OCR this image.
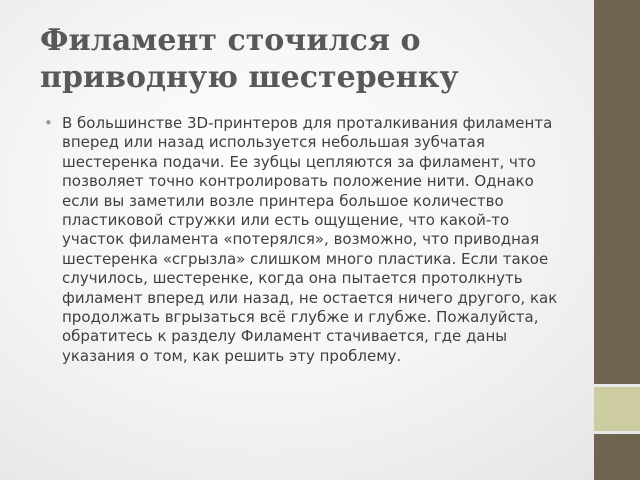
Филамент сточился о приводную шестеренку
• В большинстве 3D-принтеров для проталкивания филамента вперед или назад используется небольшая зубчатая шестеренка подачи. Ее зубцы цепляются за филамент, что позволяет точно контролировать положение нити. Однако если вы заметили возле принтера большое количество пластиковой стружки или есть ощущение, что какой-то участок филамента «потерялся», возможно, что приводная шестеренка «сгрызла» слишком много пластика. Если такое случилось, шестеренке, когда она пытается протолкнуть филамент вперед или назад, не остается ничего другого, как продолжать вгрызаться всё глубже и глубже. Пожалуйста, обратитесь к разделу Филамент стачивается, где даны указания о том, как решить эту проблему.
